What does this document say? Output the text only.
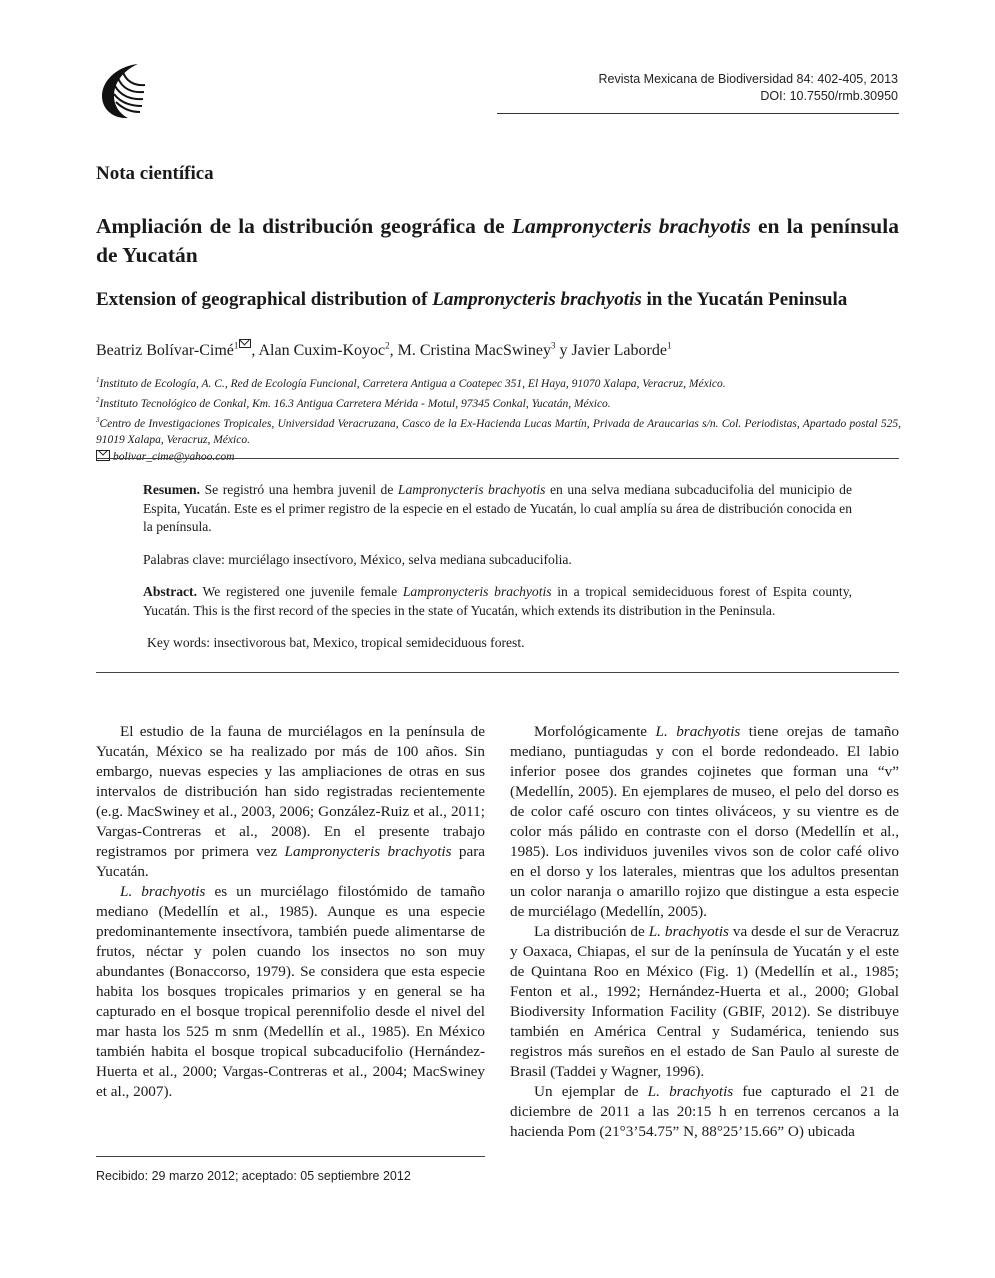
Revista Mexicana de Biodiversidad 84: 402-405, 2013
DOI: 10.7550/rmb.30950
Nota científica
Ampliación de la distribución geográfica de Lampronycteris brachyotis en la península de Yucatán
Extension of geographical distribution of Lampronycteris brachyotis in the Yucatán Peninsula
Beatriz Bolívar-Cimé$^1$ , Alan Cuxim-Koyoc$^2$, M. Cristina MacSwiney$^3$ y Javier Laborde$^1$
$^1$Instituto de Ecología, A. C., Red de Ecología Funcional, Carretera Antigua a Coatepec 351, El Haya, 91070 Xalapa, Veracruz, México.
$^2$Instituto Tecnológico de Conkal, Km. 16.3 Antigua Carretera Mérida - Motul, 97345 Conkal, Yucatán, México.
$^3$Centro de Investigaciones Tropicales, Universidad Veracruzana, Casco de la Ex-Hacienda Lucas Martín, Privada de Araucarias s/n. Col. Periodistas, Apartado postal 525, 91019 Xalapa, Veracruz, México.
bolivar_cime@yahoo.com

Resumen. Se registró una hembra juvenil de Lampronycteris brachyotis en una selva mediana subcaducifolia del municipio de Espita, Yucatán. Este es el primer registro de la especie en el estado de Yucatán, lo cual amplía su área de distribución conocida en la península.

Palabras clave: murciélago insectívoro, México, selva mediana subcaducifolia.

Abstract. We registered one juvenile female Lampronycteris brachyotis in a tropical semideciduous forest of Espita county, Yucatán. This is the first record of the species in the state of Yucatán, which extends its distribution in the Peninsula.

Key words: insectivorous bat, Mexico, tropical semideciduous forest.

El estudio de la fauna de murciélagos en la península de Yucatán, México se ha realizado por más de 100 años. Sin embargo, nuevas especies y las ampliaciones de otras en sus intervalos de distribución han sido registradas recientemente (e.g. MacSwiney et al., 2003, 2006; González-Ruiz et al., 2011; Vargas-Contreras et al., 2008). En el presente trabajo registramos por primera vez Lampronycteris brachyotis para Yucatán.

L. brachyotis es un murciélago filostómido de tamaño mediano (Medellín et al., 1985). Aunque es una especie predominantemente insectívora, también puede alimentarse de frutos, néctar y polen cuando los insectos no son muy abundantes (Bonaccorso, 1979). Se considera que esta especie habita los bosques tropicales primarios y en general se ha capturado en el bosque tropical perennifolio desde el nivel del mar hasta los 525 m snm (Medellín et al., 1985). En México también habita el bosque tropical subcaducifolio (Hernández-Huerta et al., 2000; Vargas-Contreras et al., 2004; MacSwiney et al., 2007).

Morfológicamente L. brachyotis tiene orejas de tamaño mediano, puntiagudas y con el borde redondeado. El labio inferior posee dos grandes cojinetes que forman una “v” (Medellín, 2005). En ejemplares de museo, el pelo del dorso es de color café oscuro con tintes oliváceos, y su vientre es de color más pálido en contraste con el dorso (Medellín et al., 1985). Los individuos juveniles vivos son de color café olivo en el dorso y los laterales, mientras que los adultos presentan un color naranja o amarillo rojizo que distingue a esta especie de murciélago (Medellín, 2005).

La distribución de L. brachyotis va desde el sur de Veracruz y Oaxaca, Chiapas, el sur de la península de Yucatán y el este de Quintana Roo en México (Fig. 1) (Medellín et al., 1985; Fenton et al., 1992; Hernández-Huerta et al., 2000; Global Biodiversity Information Facility (GBIF, 2012). Se distribuye también en América Central y Sudamérica, teniendo sus registros más sureños en el estado de San Paulo al sureste de Brasil (Taddei y Wagner, 1996).

Un ejemplar de L. brachyotis fue capturado el 21 de diciembre de 2011 a las 20:15 h en terrenos cercanos a la hacienda Pom (21°3’54.75” N, 88°25’15.66” O) ubicada

Recibido: 29 marzo 2012; aceptado: 05 septiembre 2012
